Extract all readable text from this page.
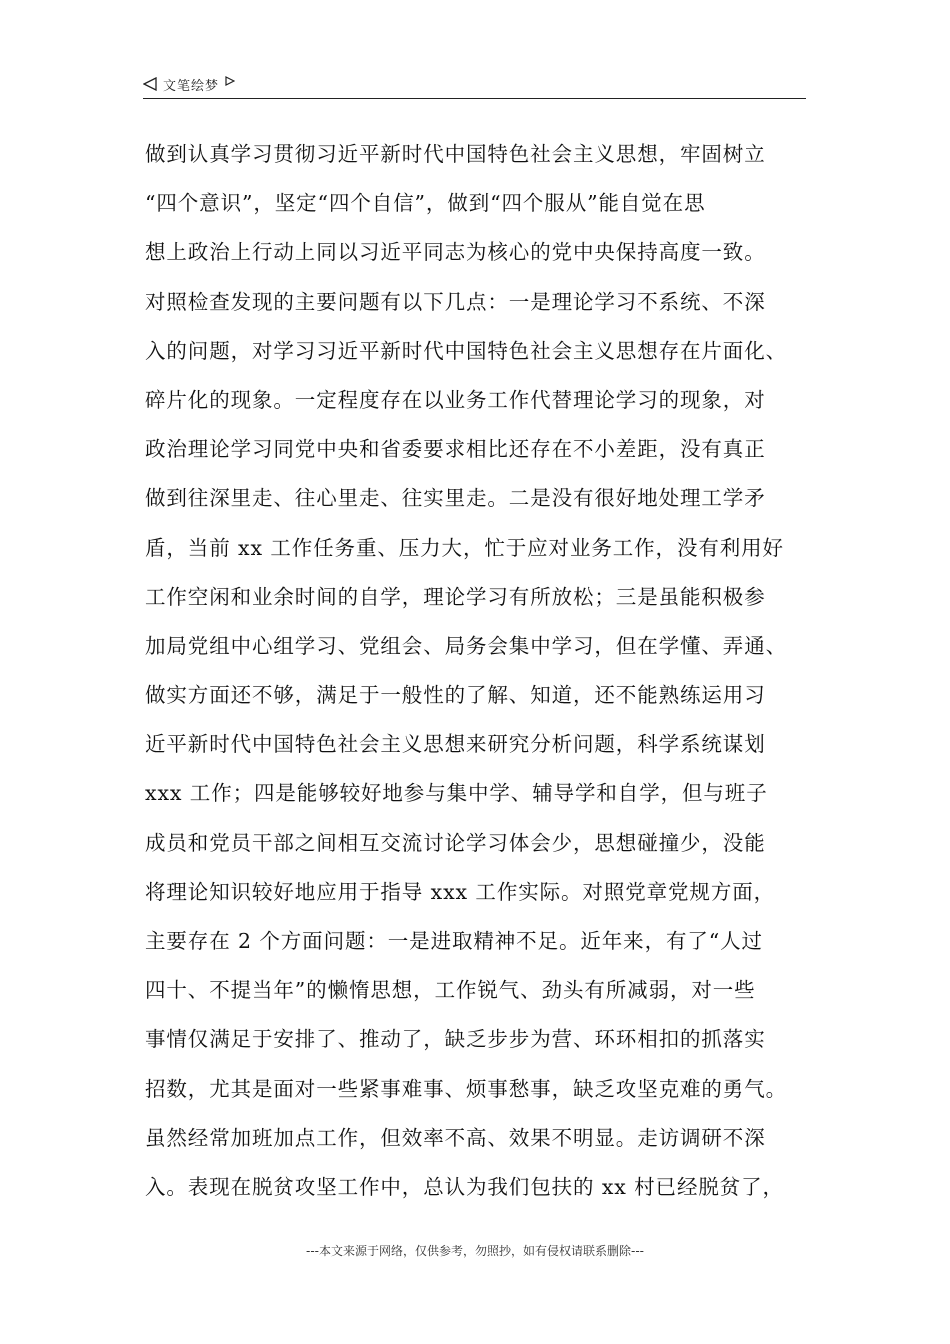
文笔绘梦
做到认真学习贯彻习近平新时代中国特色社会主义思想，牢固树立
“四个意识”，坚定“四个自信”，做到“四个服从”能自觉在思
想上政治上行动上同以习近平同志为核心的党中央保持高度一致。
对照检查发现的主要问题有以下几点：一是理论学习不系统、不深
入的问题，对学习习近平新时代中国特色社会主义思想存在片面化、
碎片化的现象。一定程度存在以业务工作代替理论学习的现象，对
政治理论学习同党中央和省委要求相比还存在不小差距，没有真正
做到往深里走、往心里走、往实里走。二是没有很好地处理工学矛
盾，当前 xx 工作任务重、压力大，忙于应对业务工作，没有利用好
工作空闲和业余时间的自学，理论学习有所放松；三是虽能积极参
加局党组中心组学习、党组会、局务会集中学习，但在学懂、弄通、
做实方面还不够，满足于一般性的了解、知道，还不能熟练运用习
近平新时代中国特色社会主义思想来研究分析问题，科学系统谋划
xxx 工作；四是能够较好地参与集中学、辅导学和自学，但与班子
成员和党员干部之间相互交流讨论学习体会少，思想碰撞少，没能
将理论知识较好地应用于指导 xxx 工作实际。对照党章党规方面，
主要存在 2 个方面问题：一是进取精神不足。近年来，有了“人过
四十、不提当年”的懒惰思想，工作锐气、劲头有所减弱，对一些
事情仅满足于安排了、推动了，缺乏步步为营、环环相扣的抓落实
招数，尤其是面对一些紧事难事、烦事愁事，缺乏攻坚克难的勇气。
虽然经常加班加点工作，但效率不高、效果不明显。走访调研不深
入。表现在脱贫攻坚工作中，总认为我们包扶的 xx 村已经脱贫了，
---本文来源于网络，仅供参考，勿照抄，如有侵权请联系删除---
